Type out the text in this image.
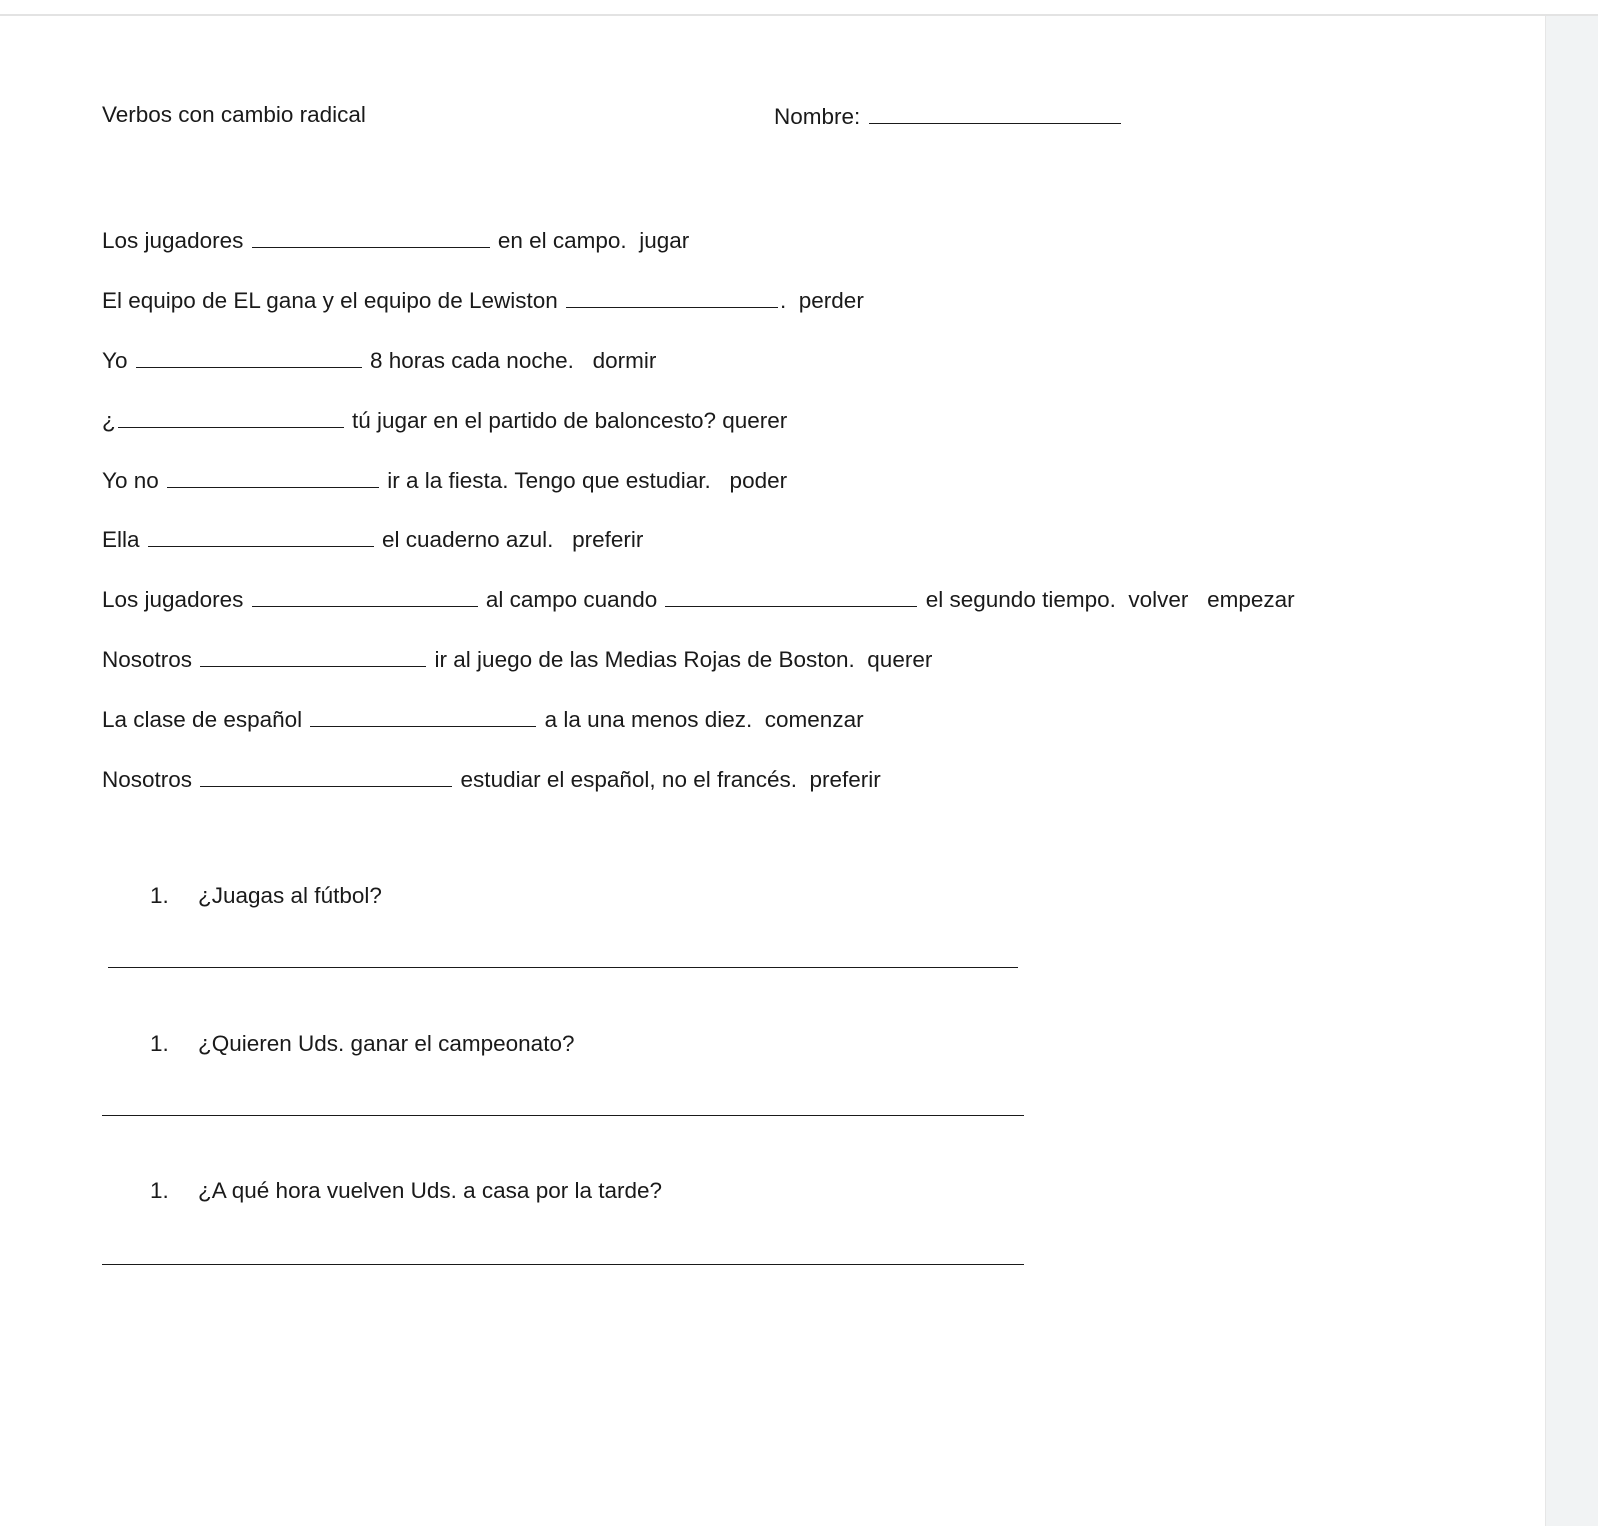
Verbos con cambio radical	Nombre:
Los jugadores	en el campo.  jugar
El equipo de EL gana y el equipo de Lewiston	.  perder
Yo	8 horas cada noche.   dormir
¿	tú jugar en el partido de baloncesto? querer
Yo no	ir a la fiesta. Tengo que estudiar.   poder
Ella	el cuaderno azul.   preferir
Los jugadores	al campo cuando	el segundo tiempo.  volver   empezar
Nosotros	ir al juego de las Medias Rojas de Boston.  querer
La clase de español	a la una menos diez.  comenzar
Nosotros	estudiar el español, no el francés.  preferir
1. ¿Juagas al fútbol?
1. ¿Quieren Uds. ganar el campeonato?
1. ¿A qué hora vuelven Uds. a casa por la tarde?
